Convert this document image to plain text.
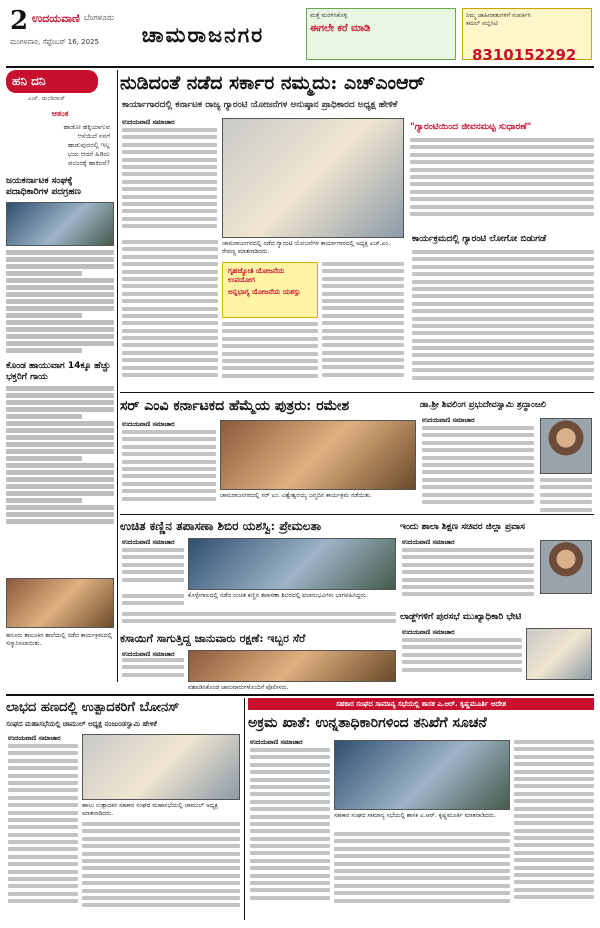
2 ಉದಯವಾಣಿ ಬೆಂಗಳೂರು
ಮಂಗಳವಾರ, ಸೆಪ್ಟೆಂಬರ್ 16, 2025	ಚಾಮರಾಜನಗರ
ಮತ್ತೆ ಮರಳಿಸಿಕೊಳ್ಳಿ
ಈಗಲೇ ಕರೆ ಮಾಡಿ
ನಿಮ್ಮ ಜಾಹೀರಾತುಗಳಿಗೆ ಸಂಪರ್ಕಿಸಿ
ಕಮಲ್ ಪಬ್ಲಿಸಿಟಿ
8310152292
ಹನಿ ದನಿ
ಎಚ್. ಡುಂಡಿರಾಜ್
ಆತಂಕ
ಹಾಡೋ ಹಕ್ಕಿಯಾಗುವ
ಆಸೆಯಿದೆ ನನಗೆ
ಹಾಡುವುದರಲ್ಲಿ ಇಲ್ಲ
ಭಯ ಆದರೆ ಹಿಡಿದು
ಪಂಜರಕ್ಕೆ ಹಾಕಿದರೆ?
ಜಯಕರ್ನಾಟಕ ಸಂಘಕ್ಕೆ ಪದಾಧಿಕಾರಿಗಳ ಪದಗ್ರಹಣ
ಕೊಂಡ ಹಾಯುವಾಗ 14ಕ್ಕೂ ಹೆಚ್ಚು ಭಕ್ತರಿಗೆ ಗಾಯ
ಹನೂರು ತಾಲೂಕಿನ ಶಾಲೆಯಲ್ಲಿ ನಡೆದ ಕಾರ್ಯಕ್ರಮದಲ್ಲಿ ಸನ್ಮಾನಿಸಲಾಯಿತು.
ನುಡಿದಂತೆ ನಡೆದ ಸರ್ಕಾರ ನಮ್ಮದು: ಎಚ್‌ಎಂಆರ್
ಕಾರ್ಯಾಗಾರದಲ್ಲಿ ಕರ್ನಾಟಕ ರಾಜ್ಯ ಗ್ಯಾರಂಟಿ ಯೋಜನೆಗಳ ಅನುಷ್ಠಾನ ಪ್ರಾಧಿಕಾರದ ಅಧ್ಯಕ್ಷ ಹೇಳಿಕೆ
ಉದಯವಾಣಿ ಸಮಾಚಾರ
ಚಾಮರಾಜನಗರದಲ್ಲಿ ನಡೆದ ಗ್ಯಾರಂಟಿ ಯೋಜನೆಗಳ ಕಾರ್ಯಾಗಾರದಲ್ಲಿ ಅಧ್ಯಕ್ಷ ಎಚ್.ಎಂ. ರೇವಣ್ಣ ಮಾತನಾಡಿದರು.
ಗೃಹಜ್ಯೋತಿ ಯೋಜನೆಯ ಉಪಯೋಗ
ಅನ್ನಭಾಗ್ಯ ಯೋಜನೆಯ ಯಶಸ್ಸು
"ಗ್ಯಾರಂಟಿಯಿಂದ ಜೀವನಮಟ್ಟ ಸುಧಾರಣೆ"
ಕಾರ್ಯಕ್ರಮದಲ್ಲಿ ಗ್ಯಾರಂಟಿ ಲೋಗೋ ಬಿಡುಗಡೆ
ಸರ್ ಎಂವಿ ಕರ್ನಾಟಕದ ಹೆಮ್ಮೆಯ ಪುತ್ರರು: ರಮೇಶ
ಉದಯವಾಣಿ ಸಮಾಚಾರ
ಚಾಮರಾಜನಗರದಲ್ಲಿ ಸರ್ ಎಂ. ವಿಶ್ವೇಶ್ವರಯ್ಯ ಜನ್ಮದಿನ ಕಾರ್ಯಕ್ರಮ ನಡೆಯಿತು.
ಡಾ.ಶ್ರೀ ಶಿವಲಿಂಗ ಪ್ರಭುದೇವಸ್ವಾಮಿ ಶ್ರದ್ಧಾಂಜಲಿ
ಉದಯವಾಣಿ ಸಮಾಚಾರ
ಉಚಿತ ಕಣ್ಣಿನ ತಪಾಸಣಾ ಶಿಬಿರ ಯಶಸ್ವಿ: ಪ್ರೇಮಲತಾ
ಉದಯವಾಣಿ ಸಮಾಚಾರ
ಕೊಳ್ಳೇಗಾಲದಲ್ಲಿ ನಡೆದ ಉಚಿತ ಕಣ್ಣಿನ ತಪಾಸಣಾ ಶಿಬಿರದಲ್ಲಿ ಫಲಾನುಭವಿಗಳು ಭಾಗವಹಿಸಿದ್ದರು.
ಇಂದು ಶಾಲಾ ಶಿಕ್ಷಣ ಸಚಿವರ ಜಿಲ್ಲಾ ಪ್ರವಾಸ
ಉದಯವಾಣಿ ಸಮಾಚಾರ
ಲಾಡ್ಜ್‌ಗಳಿಗೆ ಪುರಸಭೆ ಮುಖ್ಯಾಧಿಕಾರಿ ಭೇಟಿ
ಉದಯವಾಣಿ ಸಮಾಚಾರ
ಕಸಾಯಿಗೆ ಸಾಗುತ್ತಿದ್ದ ಜಾನುವಾರು ರಕ್ಷಣೆ: ಇಬ್ಬರ ಸೆರೆ
ಉದಯವಾಣಿ ಸಮಾಚಾರ
ವಶಪಡಿಸಿಕೊಂಡ ಜಾನುವಾರುಗಳೊಂದಿಗೆ ಪೊಲೀಸರು.
ಲಾಭದ ಹಣದಲ್ಲಿ ಉತ್ಪಾದಕರಿಗೆ ಬೋನಸ್
ಸಂಘದ ಮಹಾಸಭೆಯಲ್ಲಿ ಚಾಮುಲ್ ಅಧ್ಯಕ್ಷ ನಂಜುಂಡಸ್ವಾಮಿ ಹೇಳಿಕೆ
ಉದಯವಾಣಿ ಸಮಾಚಾರ
ಹಾಲು ಉತ್ಪಾದಕರ ಸಹಕಾರ ಸಂಘದ ಮಹಾಸಭೆಯಲ್ಲಿ ಚಾಮುಲ್ ಅಧ್ಯಕ್ಷ ಮಾತನಾಡಿದರು.
ಸಹಕಾರ ಸಂಘದ ಸಾಮಾನ್ಯ ಸಭೆಯಲ್ಲಿ ಶಾಸಕ ಎ.ಆರ್. ಕೃಷ್ಣಮೂರ್ತಿ ಆದೇಶ
ಅಕ್ರಮ ಖಾತೆ: ಉನ್ನತಾಧಿಕಾರಿಗಳಿಂದ ತನಿಖೆಗೆ ಸೂಚನೆ
ಉದಯವಾಣಿ ಸಮಾಚಾರ
ಸಹಕಾರ ಸಂಘದ ಸಾಮಾನ್ಯ ಸಭೆಯಲ್ಲಿ ಶಾಸಕ ಎ.ಆರ್. ಕೃಷ್ಣಮೂರ್ತಿ ಮಾತನಾಡಿದರು.
